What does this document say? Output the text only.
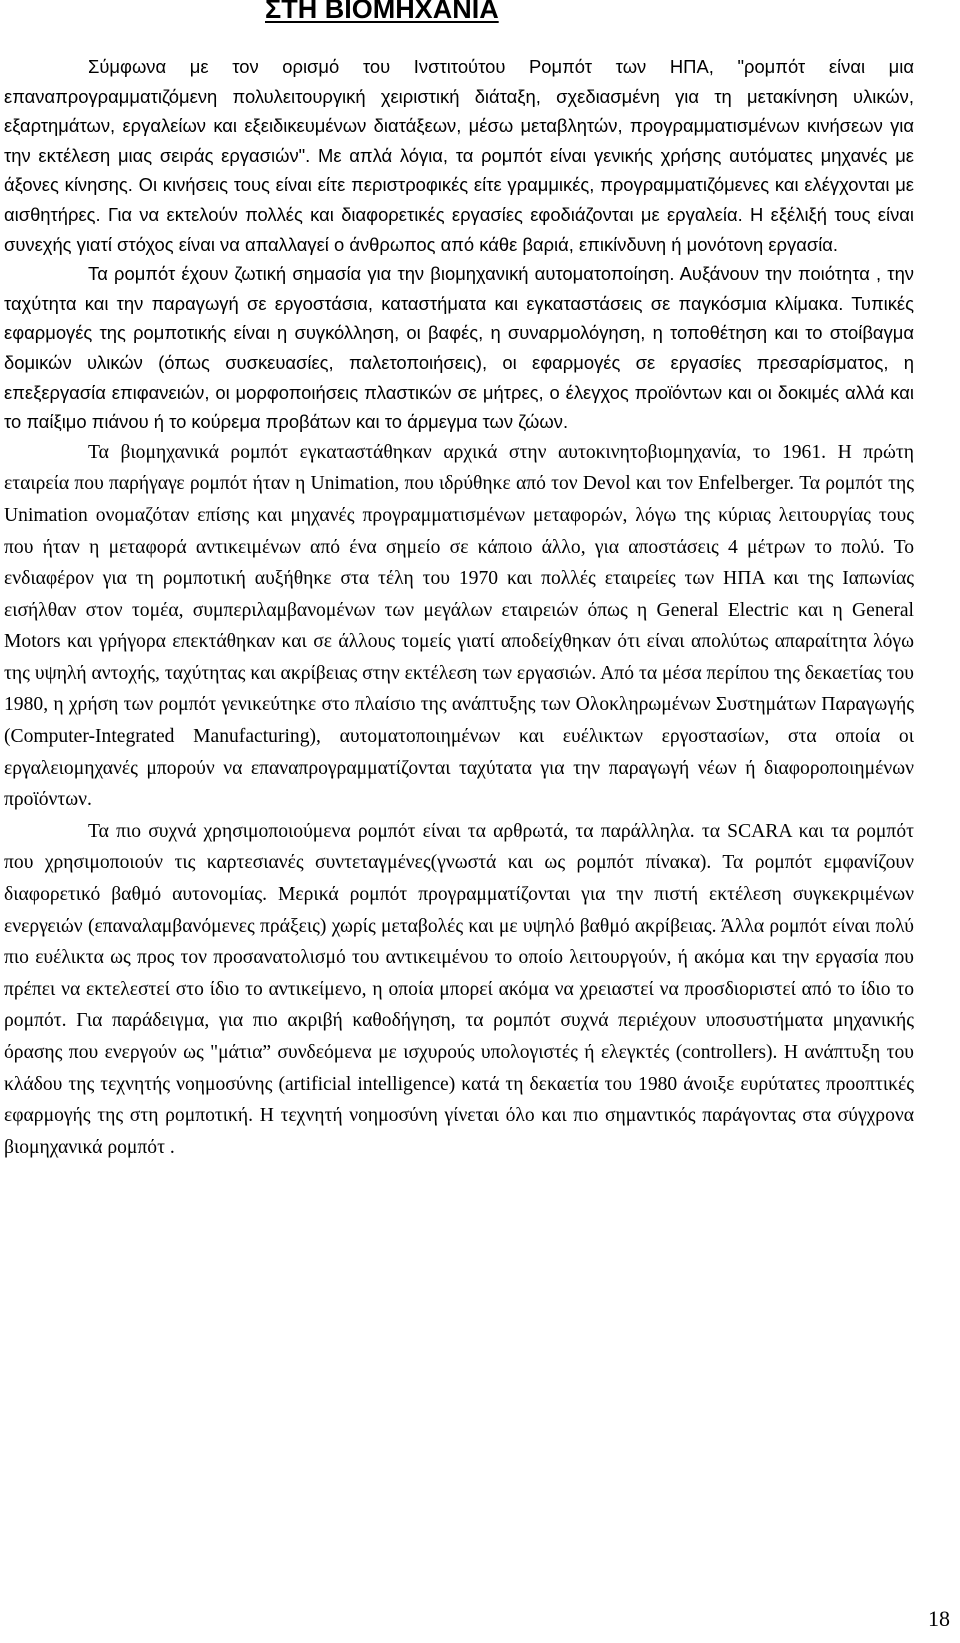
ΣΤΗ ΒΙΟΜΗΧΑΝΙΑ

Σύμφωνα με τον ορισμό του Ινστιτούτου Ρομπότ των ΗΠΑ, "ρομπότ είναι μια επαναπρογραμματιζόμενη πολυλειτουργική χειριστική διάταξη, σχεδιασμένη για τη μετακίνηση υλικών, εξαρτημάτων, εργαλείων και εξειδικευμένων διατάξεων, μέσω μεταβλητών, προγραμματισμένων κινήσεων για την εκτέλεση μιας σειράς εργασιών". Με απλά λόγια, τα ρομπότ είναι γενικής χρήσης αυτόματες μηχανές με άξονες κίνησης. Οι κινήσεις τους είναι είτε περιστροφικές είτε γραμμικές, προγραμματιζόμενες και ελέγχονται με αισθητήρες. Για να εκτελούν πολλές και διαφορετικές εργασίες εφοδιάζονται με εργαλεία. Η εξέλιξή τους είναι συνεχής γιατί στόχος είναι να απαλλαγεί ο άνθρωπος από κάθε βαριά, επικίνδυνη ή μονότονη εργασία.

Τα ρομπότ έχουν ζωτική σημασία για την βιομηχανική αυτοματοποίηση. Αυξάνουν την ποιότητα , την ταχύτητα και την παραγωγή σε εργοστάσια, καταστήματα και εγκαταστάσεις σε παγκόσμια κλίμακα. Τυπικές εφαρμογές της ρομποτικής είναι η συγκόλληση, οι βαφές, η συναρμολόγηση, η τοποθέτηση και το στοίβαγμα δομικών υλικών (όπως συσκευασίες, παλετοποιήσεις), οι εφαρμογές σε εργασίες πρεσαρίσματος, η επεξεργασία επιφανειών, οι μορφοποιήσεις πλαστικών σε μήτρες, ο έλεγχος προϊόντων και οι δοκιμές αλλά και το παίξιμο πιάνου ή το κούρεμα προβάτων και το άρμεγμα των ζώων.

Τα βιομηχανικά ρομπότ εγκαταστάθηκαν αρχικά στην αυτοκινητοβιομηχανία, το 1961. Η πρώτη εταιρεία που παρήγαγε ρομπότ ήταν η Unimation, που ιδρύθηκε από τον Devol και τον Enfelberger. Τα ρομπότ της Unimation ονομαζόταν επίσης και μηχανές προγραμματισμένων μεταφορών, λόγω της κύριας λειτουργίας τους που ήταν η μεταφορά αντικειμένων από ένα σημείο σε κάποιο άλλο, για αποστάσεις 4 μέτρων το πολύ. Το ενδιαφέρον για τη ρομποτική αυξήθηκε στα τέλη του 1970 και πολλές εταιρείες των ΗΠΑ και της Ιαπωνίας εισήλθαν στον τομέα, συμπεριλαμβανομένων των μεγάλων εταιρειών όπως η General Electric και η General Motors και γρήγορα επεκτάθηκαν και σε άλλους τομείς γιατί αποδείχθηκαν ότι είναι απολύτως απαραίτητα λόγω της υψηλή αντοχής, ταχύτητας και ακρίβειας στην εκτέλεση των εργασιών. Από τα μέσα περίπου της δεκαετίας του 1980, η χρήση των ρομπότ γενικεύτηκε στο πλαίσιο της ανάπτυξης των Ολοκληρωμένων Συστημάτων Παραγωγής (Computer-Integrated Manufacturing), αυτοματοποιημένων και ευέλικτων εργοστασίων, στα οποία οι εργαλειομηχανές μπορούν να επαναπρογραμματίζονται ταχύτατα για την παραγωγή νέων ή διαφοροποιημένων προϊόντων.

Τα πιο συχνά χρησιμοποιούμενα ρομπότ είναι τα αρθρωτά, τα παράλληλα. τα SCARA και τα ρομπότ που χρησιμοποιούν τις καρτεσιανές συντεταγμένες(γνωστά και ως ρομπότ πίνακα). Τα ρομπότ εμφανίζουν διαφορετικό βαθμό αυτονομίας. Μερικά ρομπότ προγραμματίζονται για την πιστή εκτέλεση συγκεκριμένων ενεργειών (επαναλαμβανόμενες πράξεις) χωρίς μεταβολές και με υψηλό βαθμό ακρίβειας. Άλλα ρομπότ είναι πολύ πιο ευέλικτα ως προς τον προσανατολισμό του αντικειμένου το οποίο λειτουργούν, ή ακόμα και την εργασία που πρέπει να εκτελεστεί στο ίδιο το αντικείμενο, η οποία μπορεί ακόμα να χρειαστεί να προσδιοριστεί από το ίδιο το ρομπότ. Για παράδειγμα, για πιο ακριβή καθοδήγηση, τα ρομπότ συχνά περιέχουν υποσυστήματα μηχανικής όρασης που ενεργούν ως "μάτια” συνδεόμενα με ισχυρούς υπολογιστές ή ελεγκτές (controllers). Η ανάπτυξη του κλάδου της τεχνητής νοημοσύνης (artificial intelligence) κατά τη δεκαετία του 1980 άνοιξε ευρύτατες προοπτικές εφαρμογής της στη ρομποτική. Η τεχνητή νοημοσύνη γίνεται όλο και πιο σημαντικός παράγοντας στα σύγχρονα βιομηχανικά ρομπότ .

18
